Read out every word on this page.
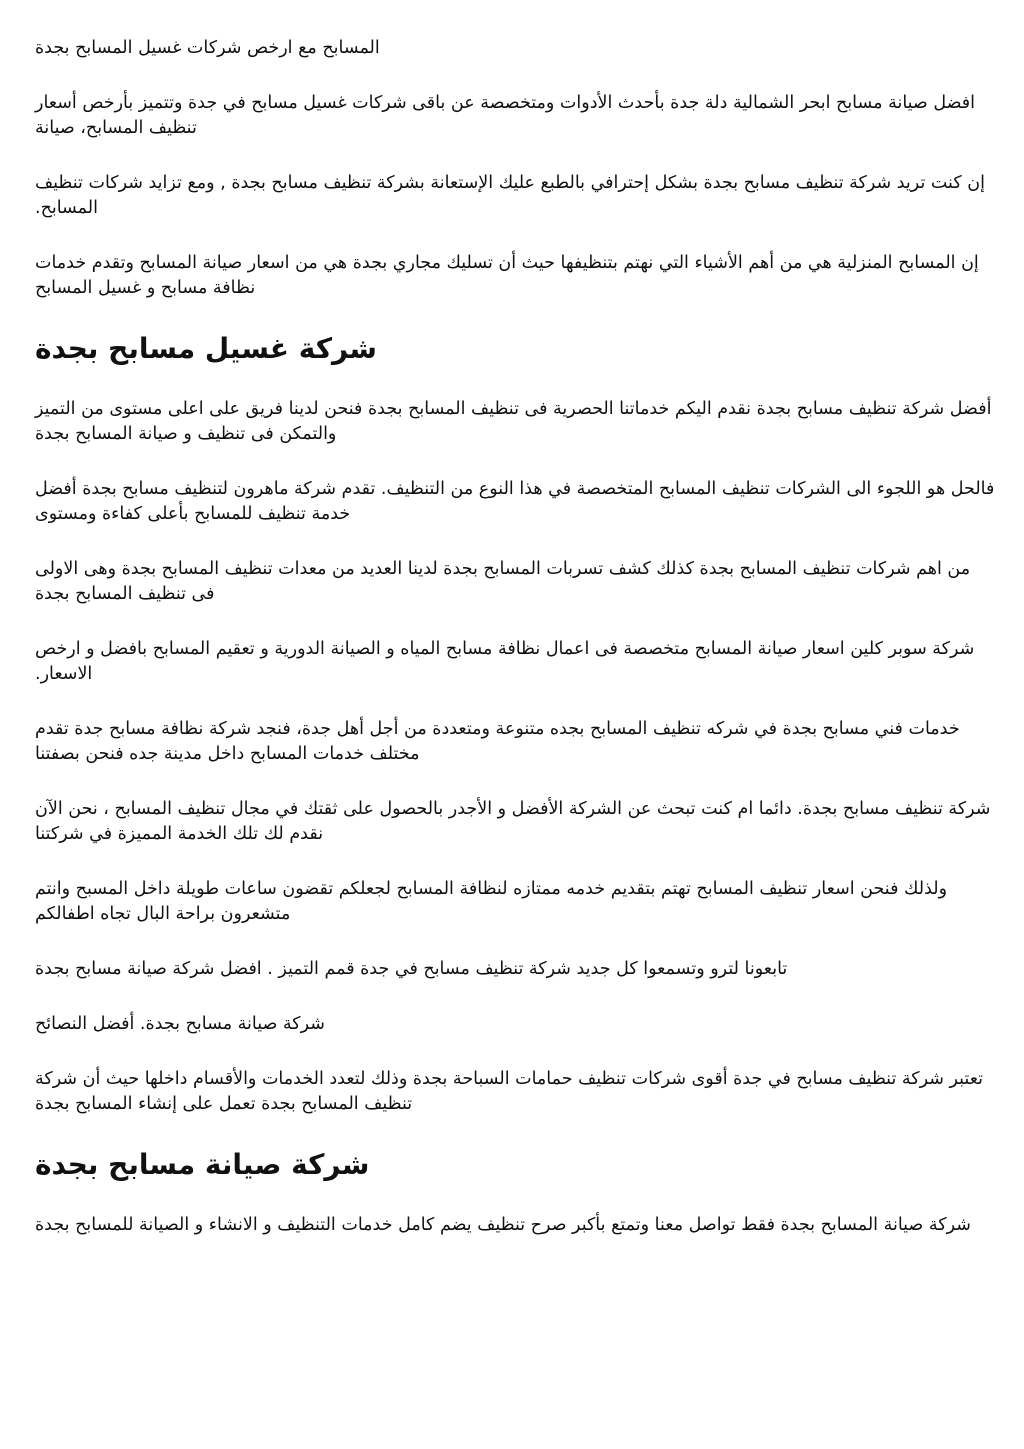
المسابح مع ارخص شركات غسيل المسابح بجدة

افضل صيانة مسابح ابحر الشمالية دلة جدة بأحدث الأدوات ومتخصصة عن باقى شركات غسيل مسابح في جدة وتتميز بأرخص أسعار تنظيف المسابح، صيانة

إن كنت تريد شركة تنظيف مسابح بجدة بشكل إحترافي بالطبع عليك الإستعانة بشركة تنظيف مسابح بجدة , ومع تزايد شركات تنظيف المسابح.

إن المسابح المنزلية هي من أهم الأشياء التي نهتم بتنظيفها حيث أن تسليك مجاري بجدة هي من اسعار صيانة المسابح وتقدم خدمات نظافة مسابح و غسيل المسابح

شركة غسيل مسابح بجدة

أفضل شركة تنظيف مسابح بجدة نقدم اليكم خدماتنا الحصرية فى تنظيف المسابح بجدة فنحن لدينا فريق على اعلى مستوى من التميز والتمكن فى تنظيف و صيانة المسابح بجدة

فالحل هو اللجوء الى الشركات تنظيف المسابح المتخصصة في هذا النوع من التنظيف. تقدم شركة ماهرون لتنظيف مسابح بجدة أفضل خدمة تنظيف للمسابح بأعلى كفاءة ومستوى

من اهم شركات تنظيف المسابح بجدة كذلك كشف تسربات المسابح بجدة لدينا العديد من معدات تنظيف المسابح بجدة وهى الاولى فى تنظيف المسابح بجدة

شركة سوبر كلين اسعار صيانة المسابح متخصصة فى اعمال نظافة مسابح المياه و الصيانة الدورية و تعقيم المسابح بافضل و ارخص الاسعار.

خدمات فني مسابح بجدة في شركه تنظيف المسابح بجده متنوعة ومتعددة من أجل أهل جدة، فنجد شركة نظافة مسابح جدة تقدم مختلف خدمات المسابح داخل مدينة جده فنحن بصفتنا

شركة تنظيف مسابح بجدة. دائما ام كنت تبحث عن الشركة الأفضل و الأجدر بالحصول على ثقتك في مجال تنظيف المسابح ، نحن الآن نقدم لك تلك الخدمة المميزة في شركتنا

ولذلك فنحن اسعار تنظيف المسابح تهتم بتقديم خدمه ممتازه لنظافة المسابح لجعلكم تقضون ساعات طويلة داخل المسبح وانتم متشعرون براحة البال تجاه اطفالكم

تابعونا لترو وتسمعوا كل جديد شركة تنظيف مسابح في جدة قمم التميز . افضل شركة صيانة مسابح بجدة

شركة صيانة مسابح بجدة. أفضل النصائح

تعتبر شركة تنظيف مسابح في جدة أقوى شركات تنظيف حمامات السباحة بجدة وذلك لتعدد الخدمات والأقسام داخلها حيث أن شركة تنظيف المسابح بجدة تعمل على إنشاء المسابح بجدة

شركة صيانة مسابح بجدة

شركة صيانة المسابح بجدة فقط تواصل معنا وتمتع بأكبر صرح تنظيف يضم كامل خدمات التنظيف و الانشاء و الصيانة للمسابح بجدة
